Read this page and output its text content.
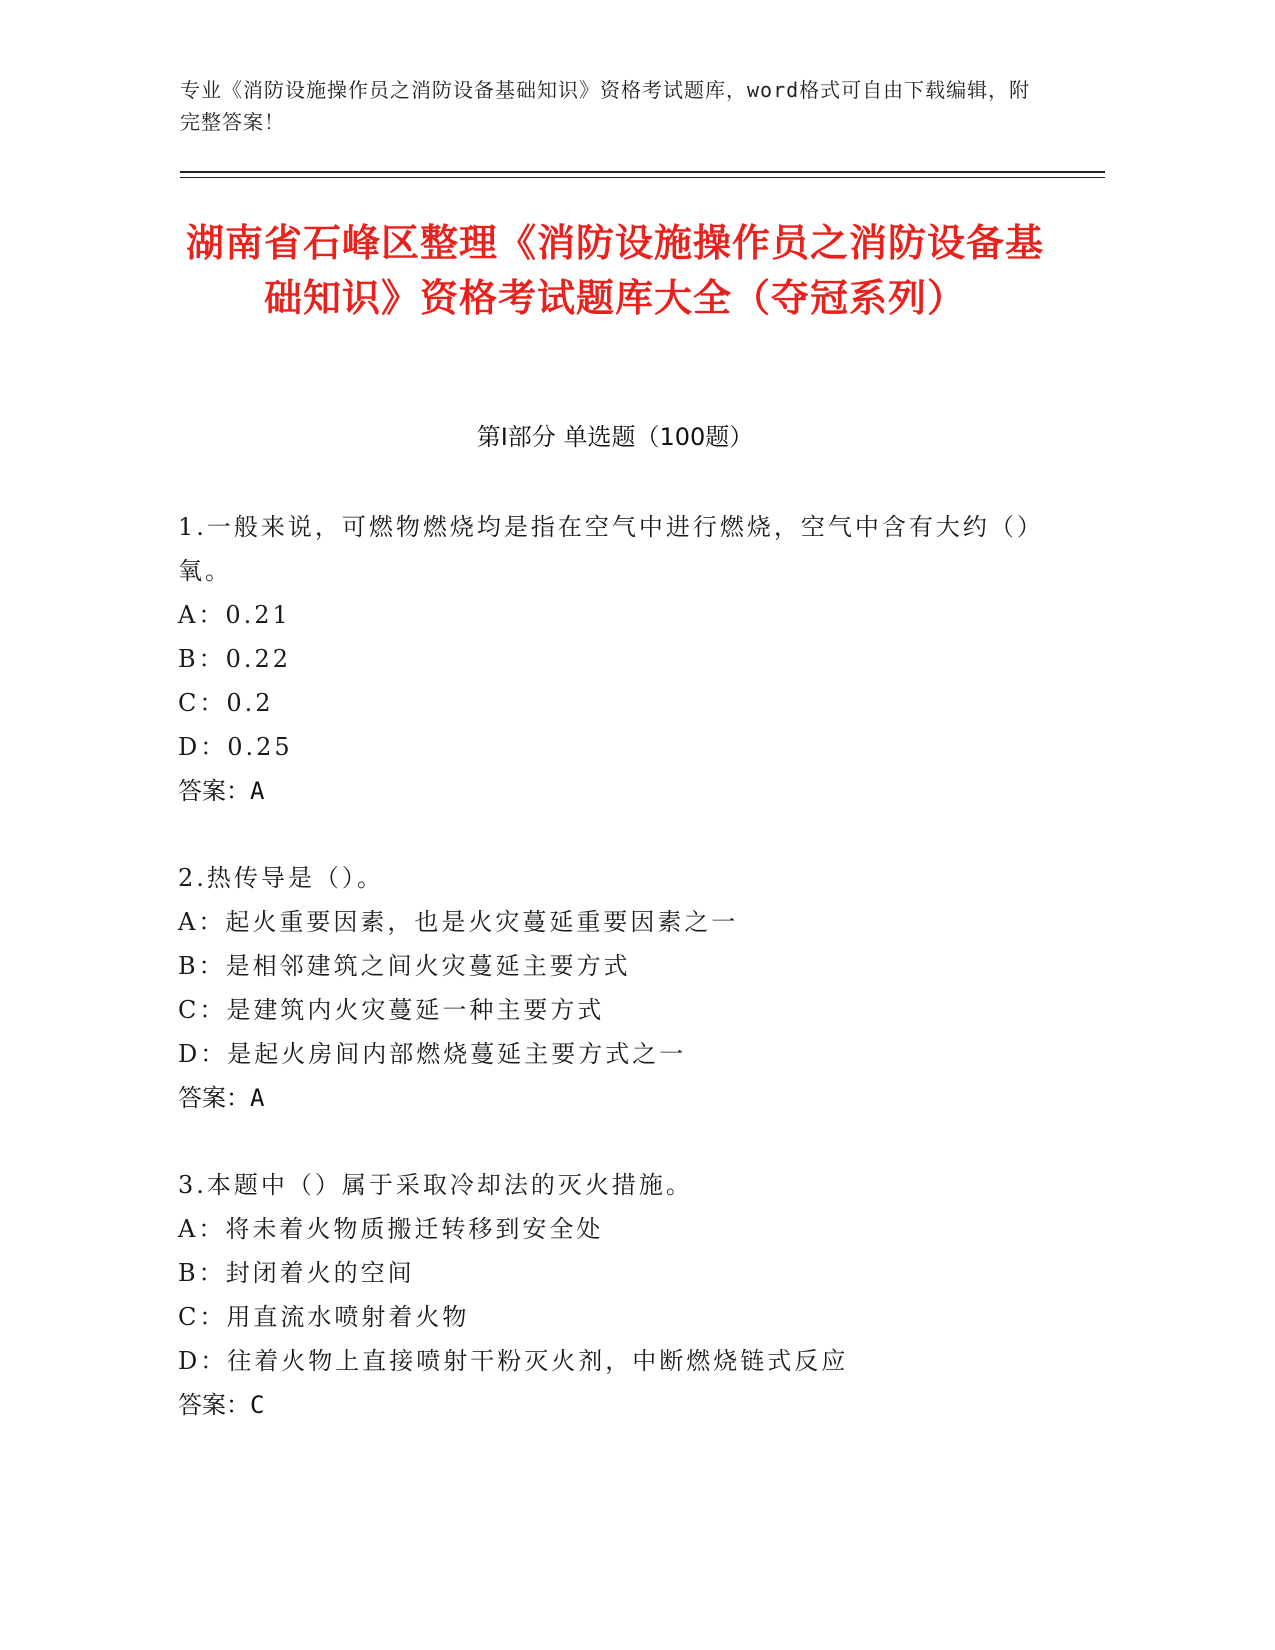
专业《消防设施操作员之消防设备基础知识》资格考试题库，word格式可自由下载编辑，附完整答案！
湖南省石峰区整理《消防设施操作员之消防设备基础知识》资格考试题库大全（夺冠系列）
第Ⅰ部分 单选题（100题）
1.一般来说，可燃物燃烧均是指在空气中进行燃烧，空气中含有大约（）氧。
A：0.21
B：0.22
C：0.2
D：0.25
答案：A
2.热传导是（）。
A：起火重要因素，也是火灾蔓延重要因素之一
B：是相邻建筑之间火灾蔓延主要方式
C：是建筑内火灾蔓延一种主要方式
D：是起火房间内部燃烧蔓延主要方式之一
答案：A
3.本题中（）属于采取冷却法的灭火措施。
A：将未着火物质搬迁转移到安全处
B：封闭着火的空间
C：用直流水喷射着火物
D：往着火物上直接喷射干粉灭火剂，中断燃烧链式反应
答案：C
